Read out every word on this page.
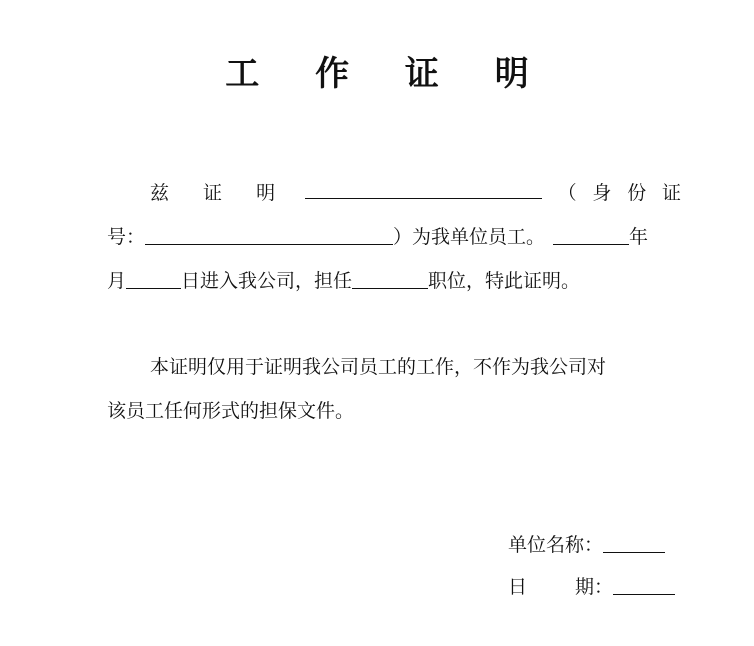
工 作 证 明
兹 证 明	（ 身 份 证
号：	）为我单位员工。	年
月	日进入我公司，担任	职位，特此证明。
本证明仅用于证明我公司员工的工作，不作为我公司对
该员工任何形式的担保文件。
单位名称：
日	期：
